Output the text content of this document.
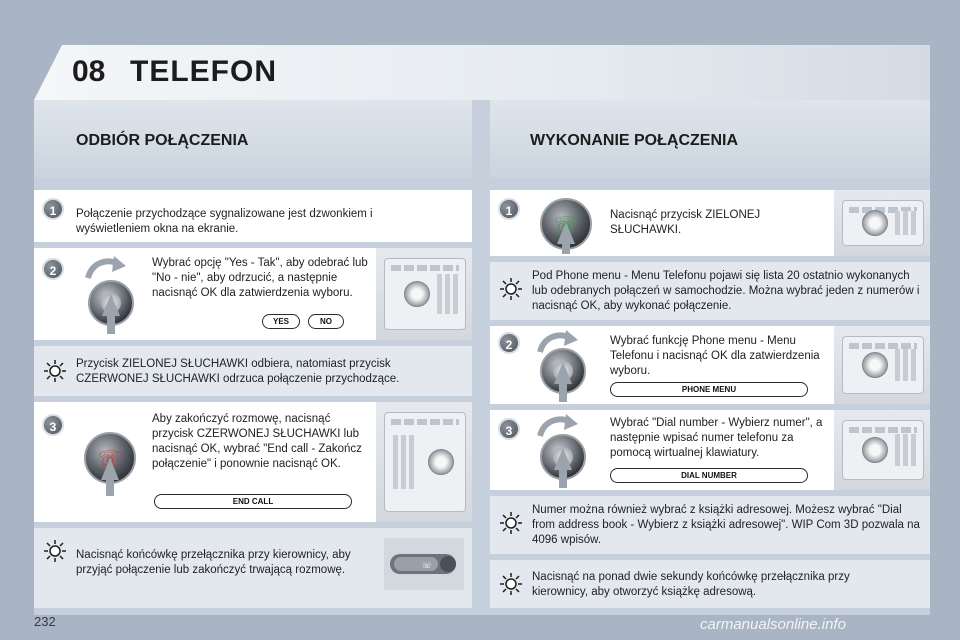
08 TELEFON
ODBIÓR POŁĄCZENIA	WYKONANIE POŁĄCZENIA
1	Połączenie przychodzące sygnalizowane jest dzwonkiem i wyświetleniem okna na ekranie.
2
Wybrać opcję "Yes - Tak", aby odebrać lub "No - nie", aby odrzucić, a następnie nacisnąć OK dla zatwierdzenia wyboru.
YES	NO
Przycisk ZIELONEJ SŁUCHAWKI odbiera, natomiast przycisk CZERWONEJ SŁUCHAWKI odrzuca połączenie przychodzące.
3
☏
Aby zakończyć rozmowę, nacisnąć przycisk CZERWONEJ SŁUCHAWKI lub nacisnąć OK, wybrać "End call - Zakończ połączenie" i ponownie nacisnąć OK.
END CALL
Nacisnąć końcówkę przełącznika przy kierownicy, aby przyjąć połączenie lub zakończyć trwającą rozmowę.	☏
1
☏	Nacisnąć przycisk ZIELONEJ SŁUCHAWKI.
Pod Phone menu - Menu Telefonu pojawi się lista 20 ostatnio wykonanych lub odebranych połączeń w samochodzie. Można wybrać jeden z numerów i nacisnąć OK, aby wykonać połączenie.
2	Wybrać funkcję Phone menu - Menu Telefonu i nacisnąć OK dla zatwierdzenia wyboru.
PHONE MENU
3
Wybrać "Dial number - Wybierz numer", a następnie wpisać numer telefonu za pomocą wirtualnej klawiatury.
DIAL NUMBER
Numer można również wybrać z książki adresowej. Możesz wybrać "Dial from address book - Wybierz z książki adresowej". WIP Com 3D pozwala na 4096 wpisów.
Nacisnąć na ponad dwie sekundy końcówkę przełącznika przy kierownicy, aby otworzyć książkę adresową.
232	carmanualsonline.info
